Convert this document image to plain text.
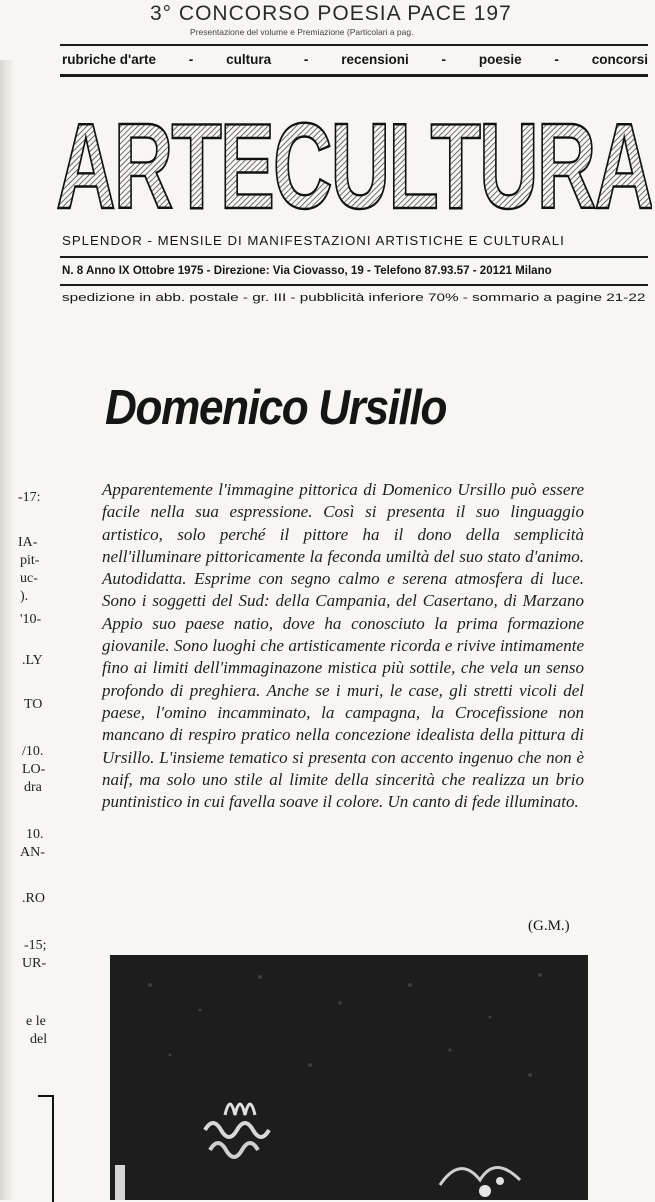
3° CONCORSO POESIA PACE 197
Presentazione del volume e Premiazione (Particolari a pag.
rubriche d'arte - cultura - recensioni - poesie - concorsi
ARTECULTURA
SPLENDOR - MENSILE DI MANIFESTAZIONI ARTISTICHE E CULTURALI
N. 8 Anno IX Ottobre 1975 - Direzione: Via Ciovasso, 19 - Telefono 87.93.57 - 20121 Milano
spedizione in abb. postale - gr. III - pubblicità inferiore 70% - sommario a pagine 21-22
Domenico Ursillo
Apparentemente l'immagine pittorica di Domenico Ursillo può essere facile nella sua espressione. Così si presenta il suo linguaggio artistico, solo perché il pittore ha il dono della semplicità nell'illuminare pittoricamente la feconda umiltà del suo stato d'animo. Autodidatta. Esprime con segno calmo e serena atmosfera di luce. Sono i soggetti del Sud: della Campania, del Casertano, di Marzano Appio suo paese natio, dove ha conosciuto la prima formazione giovanile. Sono luoghi che artisticamente ricorda e rivive intimamente fino ai limiti dell'immaginazone mistica più sottile, che vela un senso profondo di preghiera. Anche se i muri, le case, gli stretti vicoli del paese, l'omino incamminato, la campagna, la Crocefissione non mancano di respiro pratico nella concezione idealista della pittura di Ursillo. L'insieme tematico si presenta con accento ingenuo che non è naif, ma solo uno stile al limite della sincerità che realizza un brio puntinistico in cui favella soave il colore. Un canto di fede illuminato.
(G.M.)
-17:
IA-
pit-
uc-
).
'10-
.LY
TO
/10.
LO-
dra
10.
AN-
.RO
-15;
UR-
e le
del
